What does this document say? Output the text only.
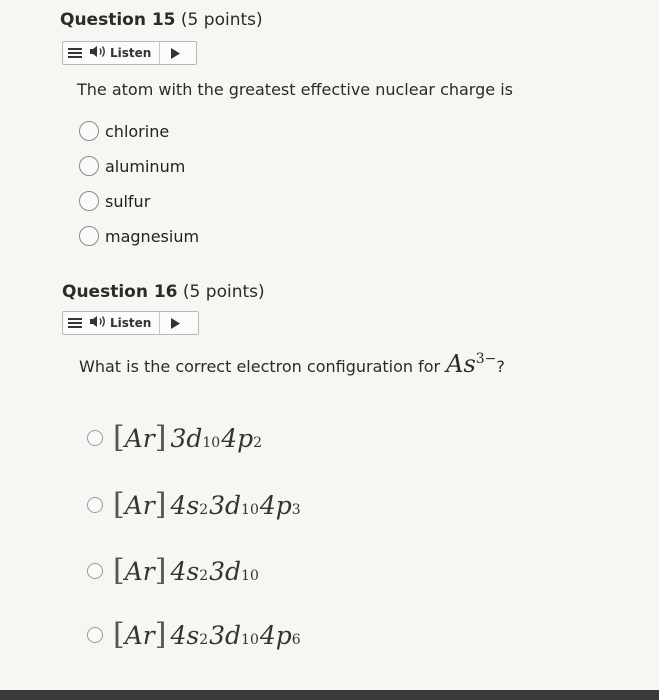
Question 15 (5 points)
Listen
The atom with the greatest effective nuclear charge is
chlorine
aluminum
sulfur
magnesium
Question 16 (5 points)
Listen
What is the correct electron configuration for $As^{3-}$ ?
[ Ar ] 3d 10 4p 2
[ Ar ] 4s 2 3d 10 4p 3
[ Ar ] 4s 2 3d 10
[ Ar ] 4s 2 3d 10 4p 6
